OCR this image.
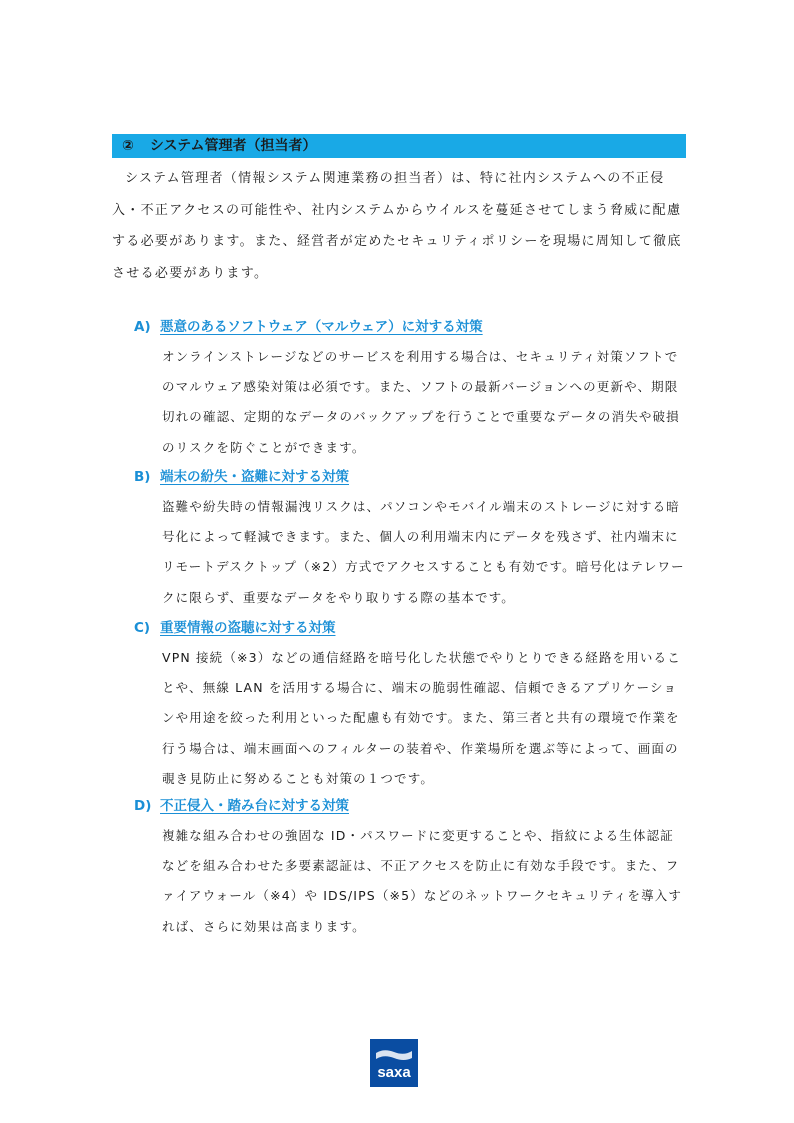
② システム管理者（担当者）

システム管理者（情報システム関連業務の担当者）は、特に社内システムへの不正侵入・不正アクセスの可能性や、社内システムからウイルスを蔓延させてしまう脅威に配慮する必要があります。また、経営者が定めたセキュリティポリシーを現場に周知して徹底させる必要があります。

A) 悪意のあるソフトウェア（マルウェア）に対する対策

オンラインストレージなどのサービスを利用する場合は、セキュリティ対策ソフトでのマルウェア感染対策は必須です。また、ソフトの最新バージョンへの更新や、期限切れの確認、定期的なデータのバックアップを行うことで重要なデータの消失や破損のリスクを防ぐことができます。

B) 端末の紛失・盗難に対する対策

盗難や紛失時の情報漏洩リスクは、パソコンやモバイル端末のストレージに対する暗号化によって軽減できます。また、個人の利用端末内にデータを残さず、社内端末にリモートデスクトップ（※2）方式でアクセスすることも有効です。暗号化はテレワークに限らず、重要なデータをやり取りする際の基本です。

C) 重要情報の盗聴に対する対策

VPN 接続（※3）などの通信経路を暗号化した状態でやりとりできる経路を用いることや、無線 LAN を活用する場合に、端末の脆弱性確認、信頼できるアプリケーションや用途を絞った利用といった配慮も有効です。また、第三者と共有の環境で作業を行う場合は、端末画面へのフィルターの装着や、作業場所を選ぶ等によって、画面の覗き見防止に努めることも対策の１つです。

D) 不正侵入・踏み台に対する対策

複雑な組み合わせの強固な ID・パスワードに変更することや、指紋による生体認証などを組み合わせた多要素認証は、不正アクセスを防止に有効な手段です。また、ファイアウォール（※4）や IDS/IPS（※5）などのネットワークセキュリティを導入すれば、さらに効果は高まります。

saxa
